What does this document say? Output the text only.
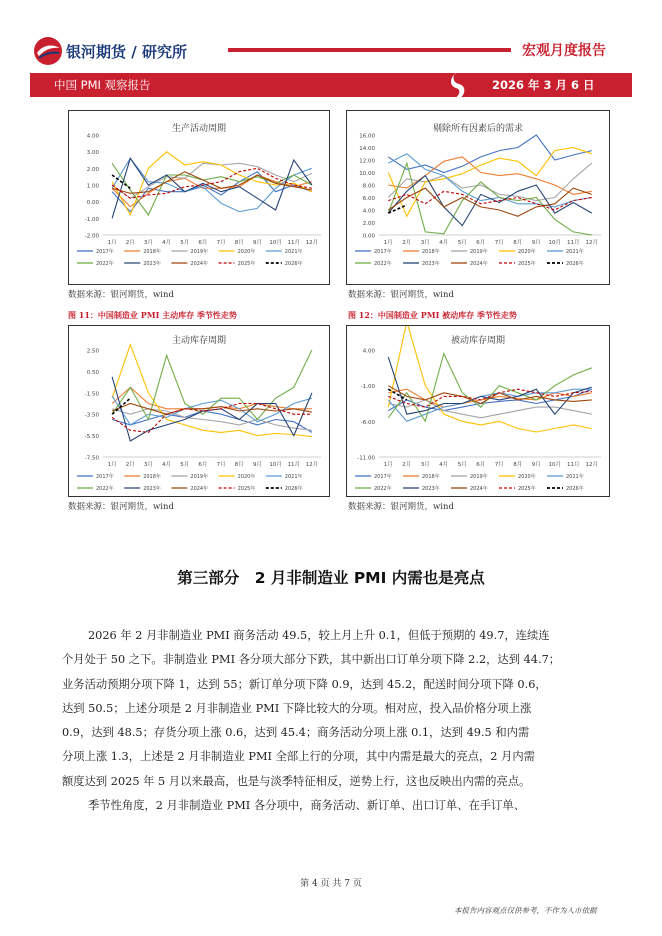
银河期货 / 研究所	宏观月度报告
中国 PMI 观察报告	2026 年 3 月 6 日
生产活动周期
4.00
3.00
2.00
1.00
0.00
-1.00
-2.00
1月 2月 3月 4月 5月 6月 7月 8月 9月 10月 11月 12月
2017年	2018年	2019年	2020年	2021年
2022年	2023年	2024年	2025年	2026年
剔除所有因素后的需求
16.00
14.00
12.00
10.00
8.00
6.00
4.00
2.00
0.00
1月 2月 3月 4月 5月 6月 7月 8月 9月 10月 11月 12月
2017年	2018年	2019年	2020年	2021年
2022年	2023年	2024年	2025年	2026年
数据来源：银河期货，wind	数据来源：银河期货，wind
图 11：中国制造业 PMI 主动库存 季节性走势	图 12：中国制造业 PMI 被动库存 季节性走势
主动库存周期
2.50
0.50
-1.50
-3.50
-5.50
-7.50
1月 2月 3月 4月 5月 6月 7月 8月 9月 10月 11月 12月
2017年	2018年	2019年	2020年	2021年
2022年	2023年	2024年	2025年	2026年
被动库存周期
4.00
-1.00
-6.00
-11.00
1月 2月 3月 4月 5月 6月 7月 8月 9月 10月 11月 12月
2017年	2018年	2019年	2020年	2021年
2022年	2023年	2024年	2025年	2026年
数据来源：银河期货，wind	数据来源：银河期货，wind
第三部分　2 月非制造业 PMI 内需也是亮点
2026 年 2 月非制造业 PMI 商务活动 49.5，较上月上升 0.1，但低于预期的 49.7，连续连
个月处于 50 之下。非制造业 PMI 各分项大部分下跌，其中新出口订单分项下降 2.2，达到 44.7；
业务活动预期分项下降 1，达到 55；新订单分项下降 0.9，达到 45.2，配送时间分项下降 0.6，
达到 50.5；上述分项是 2 月非制造业 PMI 下降比较大的分项。相对应，投入品价格分项上涨
0.9，达到 48.5；存货分项上涨 0.6，达到 45.4；商务活动分项上涨 0.1，达到 49.5 和内需
分项上涨 1.3，上述是 2 月非制造业 PMI 全部上行的分项，其中内需是最大的亮点，2 月内需
额度达到 2025 年 5 月以来最高，也是与淡季特征相反，逆势上行，这也反映出内需的亮点。
季节性角度，2 月非制造业 PMI 各分项中，商务活动、新订单、出口订单、在手订单、
第 4 页 共 7 页
本报告内容观点仅供参考，不作为入市依据
